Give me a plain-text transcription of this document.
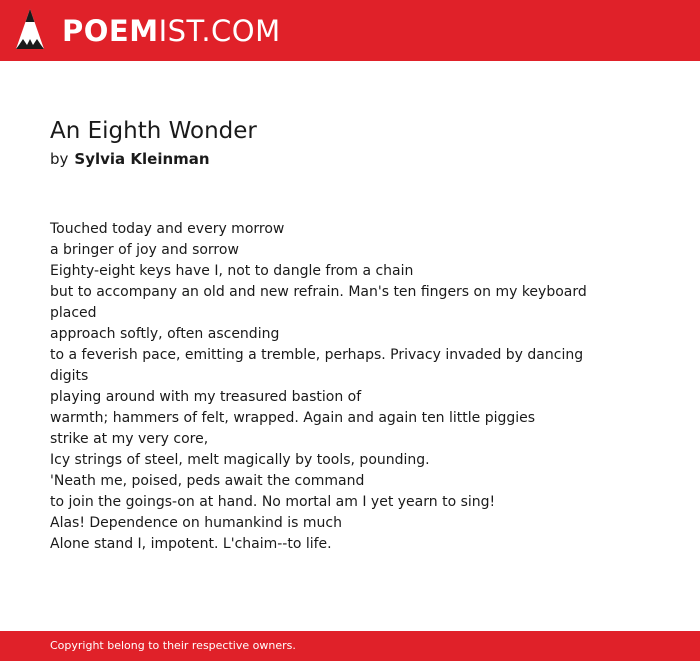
POEMIST.COM
An Eighth Wonder
by Sylvia Kleinman
Touched today and every morrow
a bringer of joy and sorrow
Eighty-eight keys have I, not to dangle from a chain
but to accompany an old and new refrain. Man's ten fingers on my keyboard placed
approach softly, often ascending
to a feverish pace, emitting a tremble, perhaps. Privacy invaded by dancing digits
playing around with my treasured bastion of
warmth; hammers of felt, wrapped. Again and again ten little piggies
strike at my very core,
Icy strings of steel, melt magically by tools, pounding.
'Neath me, poised, peds await the command
to join the goings-on at hand. No mortal am I yet yearn to sing!
Alas! Dependence on humankind is much
Alone stand I, impotent. L'chaim--to life.
Copyright belong to their respective owners.
